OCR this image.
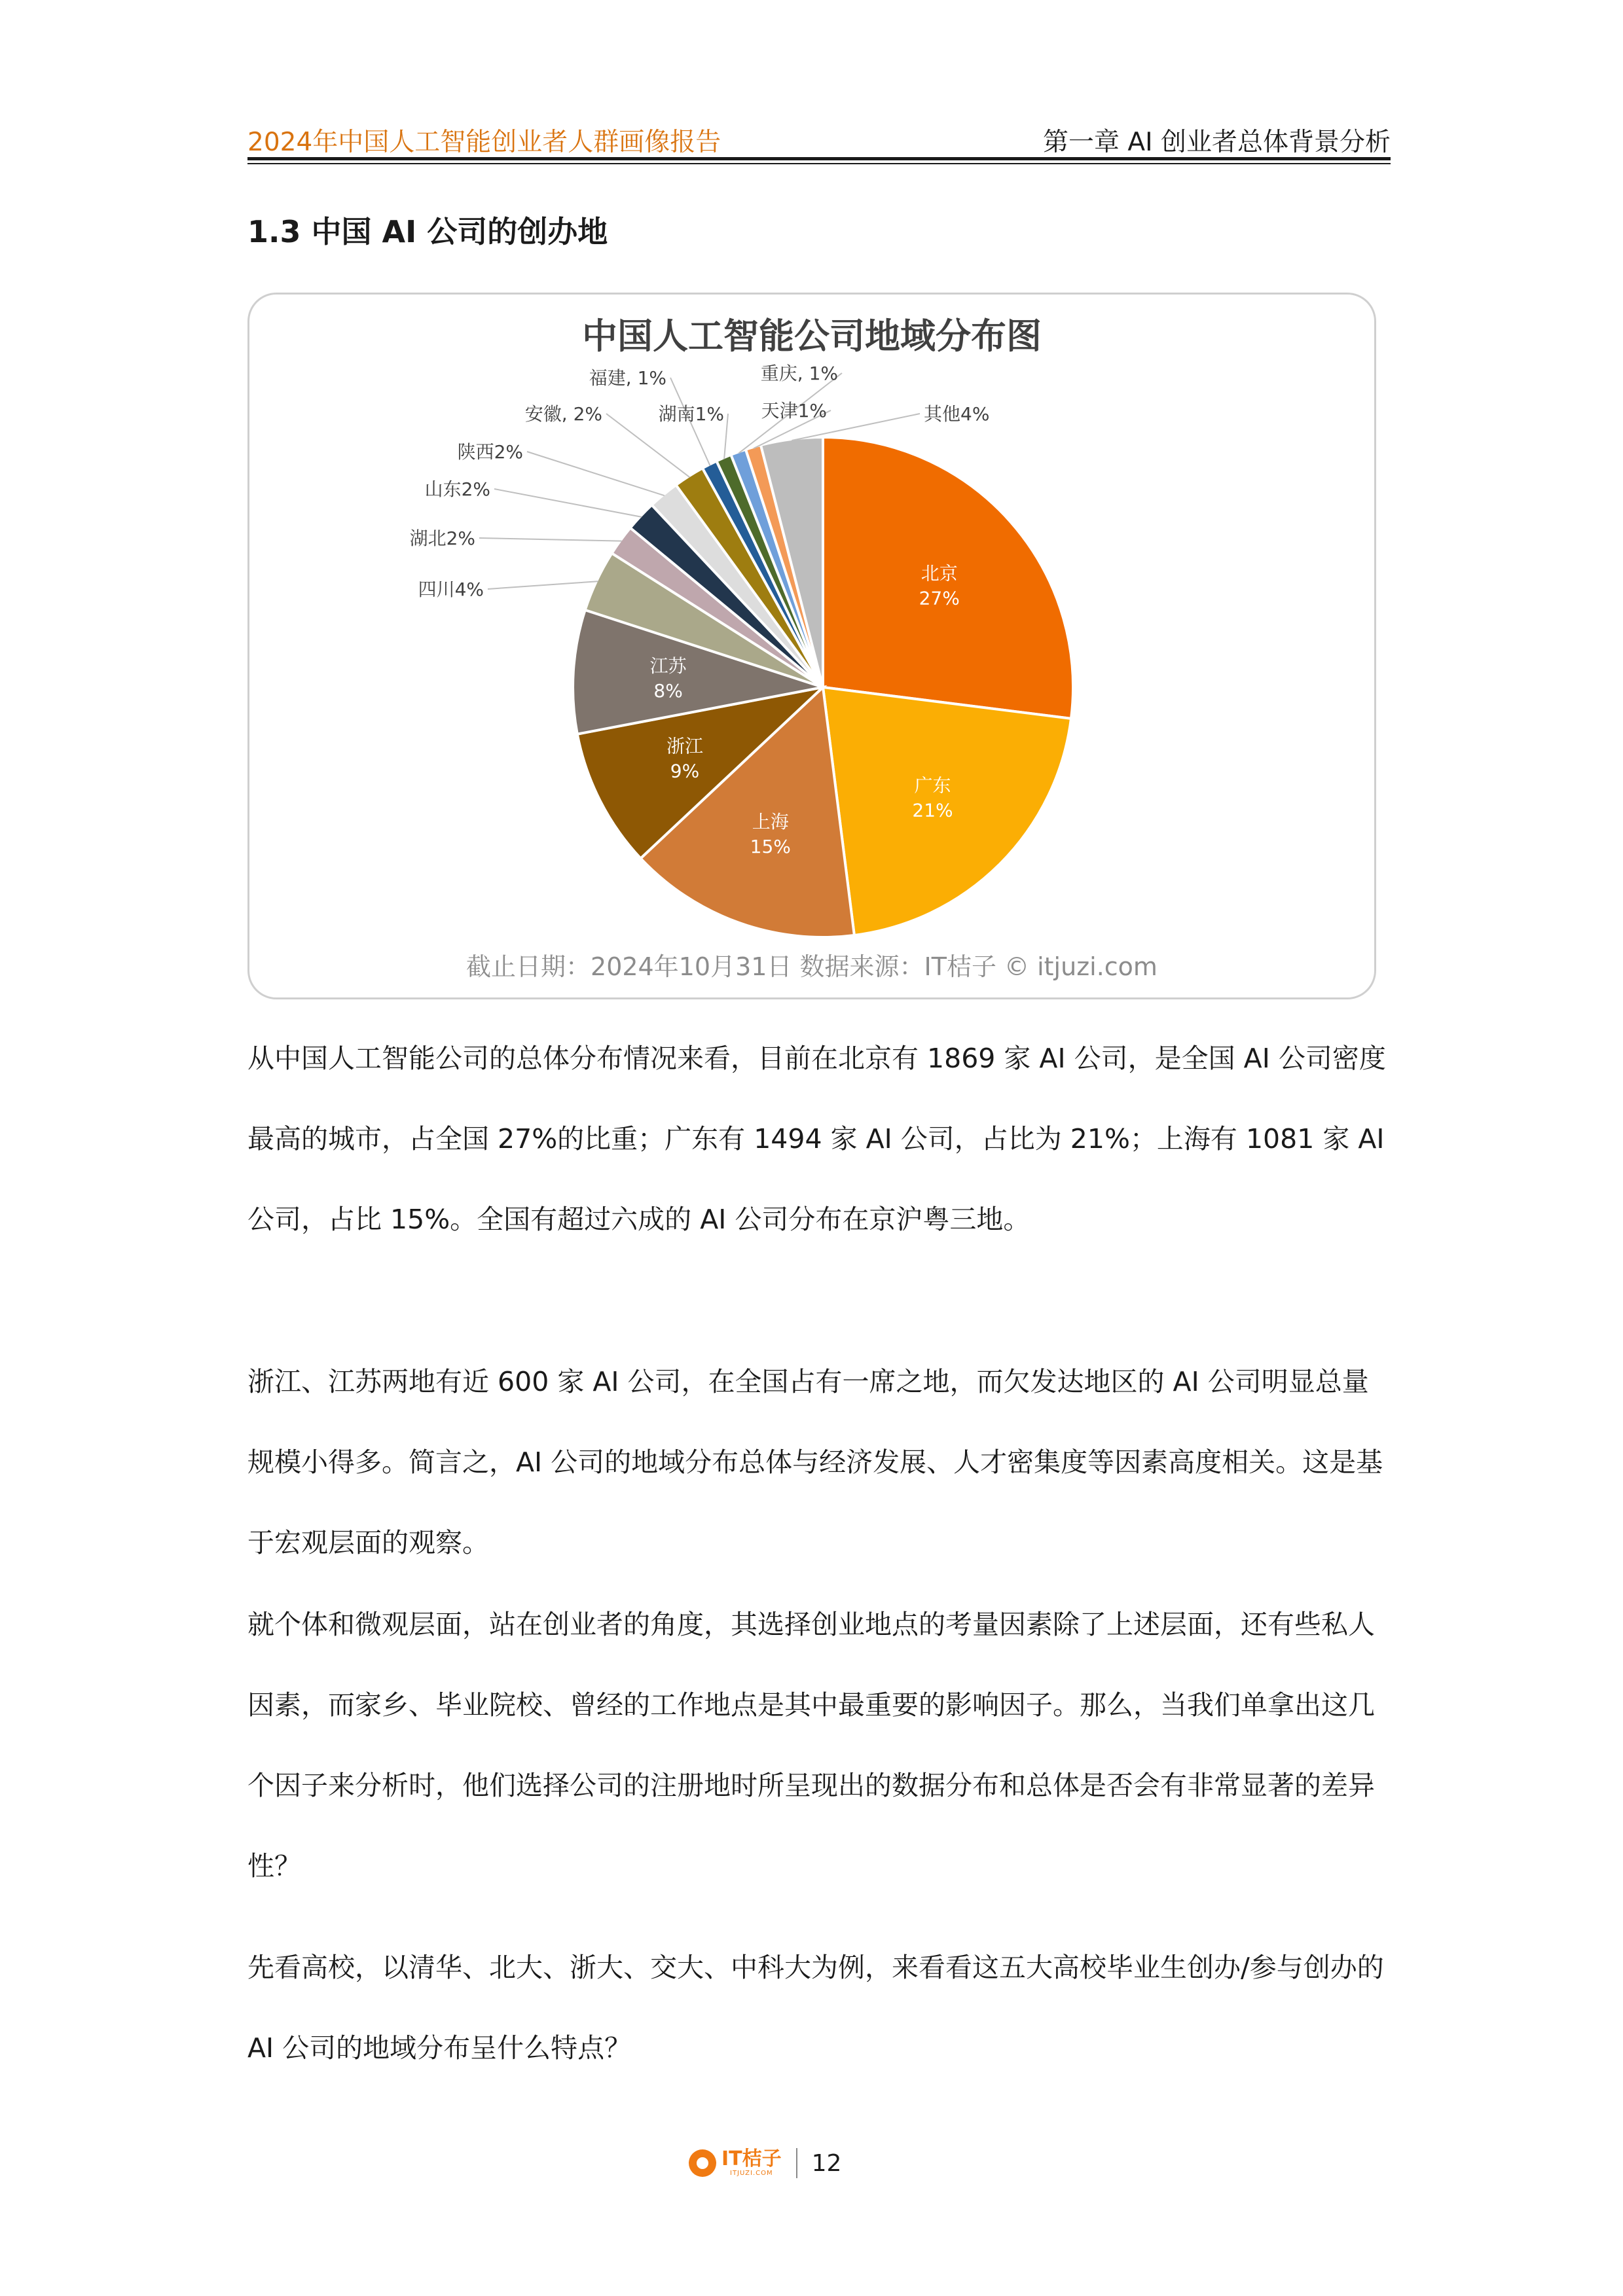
2024年中国人工智能创业者人群画像报告	第一章 AI 创业者总体背景分析
1.3 中国 AI 公司的创办地
中国人工智能公司地域分布图
北京
27%
广东
21%
上海
15%
浙江
9%
江苏
8%
四川4%
湖北2%
山东2%
陕西2%
安徽, 2%
福建, 1%
湖南1%
重庆, 1%
天津1%	其他4%
截止日期：2024年10月31日 数据来源：IT桔子 © itjuzi.com

从中国人工智能公司的总体分布情况来看，目前在北京有 1869 家 AI 公司，是全国 AI 公司密度最高的城市，占全国 27%的比重；广东有 1494 家 AI 公司，占比为 21%；上海有 1081 家 AI 公司，占比 15%。全国有超过六成的 AI 公司分布在京沪粤三地。

浙江、江苏两地有近 600 家 AI 公司，在全国占有一席之地，而欠发达地区的 AI 公司明显总量规模小得多。简言之，AI 公司的地域分布总体与经济发展、人才密集度等因素高度相关。这是基于宏观层面的观察。

就个体和微观层面，站在创业者的角度，其选择创业地点的考量因素除了上述层面，还有些私人因素，而家乡、毕业院校、曾经的工作地点是其中最重要的影响因子。那么，当我们单拿出这几个因子来分析时，他们选择公司的注册地时所呈现出的数据分布和总体是否会有非常显著的差异性？

先看高校，以清华、北大、浙大、交大、中科大为例，来看看这五大高校毕业生创办/参与创办的 AI 公司的地域分布呈什么特点？

IT桔子
ITJUZI.COM 12
